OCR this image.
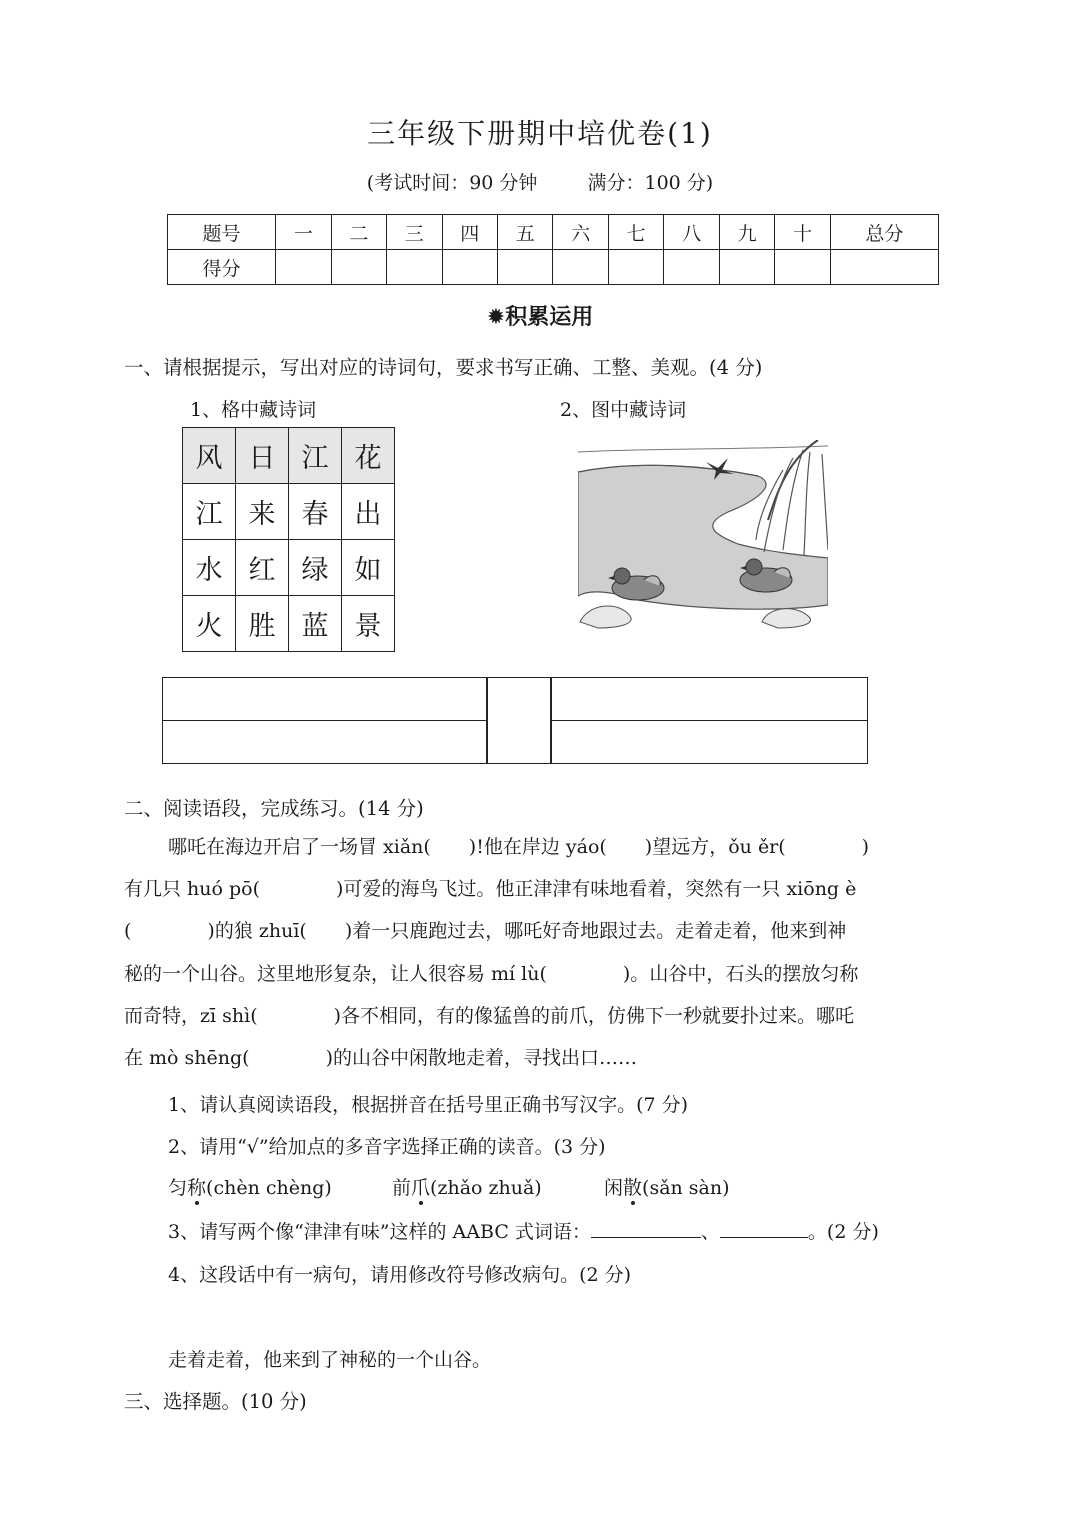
三年级下册期中培优卷(1)
(考试时间：90 分钟	满分：100 分)
题号	一	二	三	四	五	六	七	八	九	十	总分
得分											
✹积累运用
一、请根据提示，写出对应的诗词句，要求书写正确、工整、美观。(4 分)
1、格中藏诗词	2、图中藏诗词
风	日	江	花
江	来	春	出
水	红	绿	如
火	胜	蓝	景
二、阅读语段，完成练习。(14 分)
哪吒在海边开启了一场冒 xiǎn(　　)!他在岸边 yáo(　　)望远方，ǒu ěr(　　　　)
有几只 huó pō(　　　　)可爱的海鸟飞过。他正津津有味地看着，突然有一只 xiōng è
(　　　　)的狼 zhuī(　　)着一只鹿跑过去，哪吒好奇地跟过去。走着走着，他来到神
秘的一个山谷。这里地形复杂，让人很容易 mí lù(　　　　)。山谷中，石头的摆放匀称
而奇特，zī shì(　　　　)各不相同，有的像猛兽的前爪，仿佛下一秒就要扑过来。哪吒
在 mò shēng(　　　　)的山谷中闲散地走着，寻找出口……
1、请认真阅读语段，根据拼音在括号里正确书写汉字。(7 分)
2、请用“√”给加点的多音字选择正确的读音。(3 分)
匀称(chèn chèng)	前爪(zhǎo zhuǎ)	闲散(sǎn sàn)
3、请写两个像“津津有味”这样的 AABC 式词语：	、	。(2 分)
4、这段话中有一病句，请用修改符号修改病句。(2 分)
走着走着，他来到了神秘的一个山谷。
三、选择题。(10 分)
